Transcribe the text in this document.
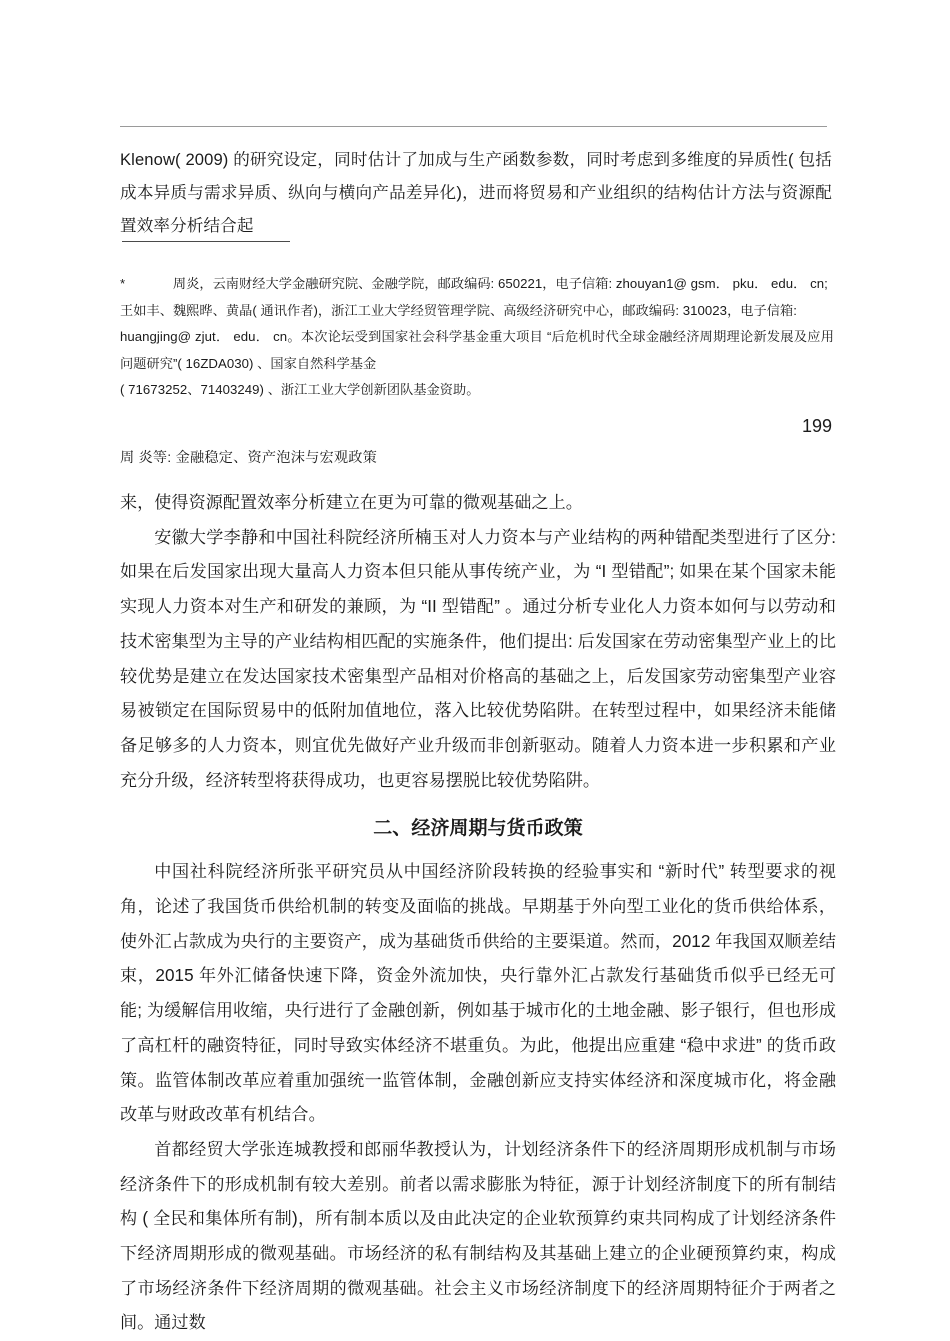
Klenow( 2009) 的研究设定，同时估计了加成与生产函数参数，同时考虑到多维度的异质性( 包括成本异质与需求异质、纵向与横向产品差异化)，进而将贸易和产业组织的结构估计方法与资源配置效率分析结合起

*	周炎，云南财经大学金融研究院、金融学院，邮政编码: 650221，电子信箱: zhouyan1@ gsm． pku． edu． cn;

王如丰、魏熙晔、黄晶( 通讯作者)，浙江工业大学经贸管理学院、高级经济研究中心，邮政编码: 310023，电子信箱:

huangjing@ zjut． edu． cn。本次论坛受到国家社会科学基金重大项目 “后危机时代全球金融经济周期理论新发展及应用问题研究”( 16ZDA030) 、国家自然科学基金

( 71673252、71403249) 、浙江工业大学创新团队基金资助。

199
周 炎等: 金融稳定、资产泡沫与宏观政策

来，使得资源配置效率分析建立在更为可靠的微观基础之上。

安徽大学李静和中国社科院经济所楠玉对人力资本与产业结构的两种错配类型进行了区分: 如果在后发国家出现大量高人力资本但只能从事传统产业，为 “I 型错配”; 如果在某个国家未能实现人力资本对生产和研发的兼顾，为 “II 型错配” 。通过分析专业化人力资本如何与以劳动和技术密集型为主导的产业结构相匹配的实施条件，他们提出: 后发国家在劳动密集型产业上的比较优势是建立在发达国家技术密集型产品相对价格高的基础之上，后发国家劳动密集型产业容易被锁定在国际贸易中的低附加值地位，落入比较优势陷阱。在转型过程中，如果经济未能储备足够多的人力资本，则宜优先做好产业升级而非创新驱动。随着人力资本进一步积累和产业充分升级，经济转型将获得成功，也更容易摆脱比较优势陷阱。

二、经济周期与货币政策

中国社科院经济所张平研究员从中国经济阶段转换的经验事实和 “新时代” 转型要求的视角，论述了我国货币供给机制的转变及面临的挑战。早期基于外向型工业化的货币供给体系，使外汇占款成为央行的主要资产，成为基础货币供给的主要渠道。然而，2012 年我国双顺差结束，2015 年外汇储备快速下降，资金外流加快，央行靠外汇占款发行基础货币似乎已经无可能; 为缓解信用收缩，央行进行了金融创新，例如基于城市化的土地金融、影子银行，但也形成了高杠杆的融资特征，同时导致实体经济不堪重负。为此，他提出应重建 “稳中求进” 的货币政策。监管体制改革应着重加强统一监管体制，金融创新应支持实体经济和深度城市化，将金融改革与财政改革有机结合。

首都经贸大学张连城教授和郎丽华教授认为，计划经济条件下的经济周期形成机制与市场经济条件下的形成机制有较大差别。前者以需求膨胀为特征，源于计划经济制度下的所有制结构 ( 全民和集体所有制)，所有制本质以及由此决定的企业软预算约束共同构成了计划经济条件下经济周期形成的微观基础。市场经济的私有制结构及其基础上建立的企业硬预算约束，构成了市场经济条件下经济周期的微观基础。社会主义市场经济制度下的经济周期特征介于两者之间。通过数
